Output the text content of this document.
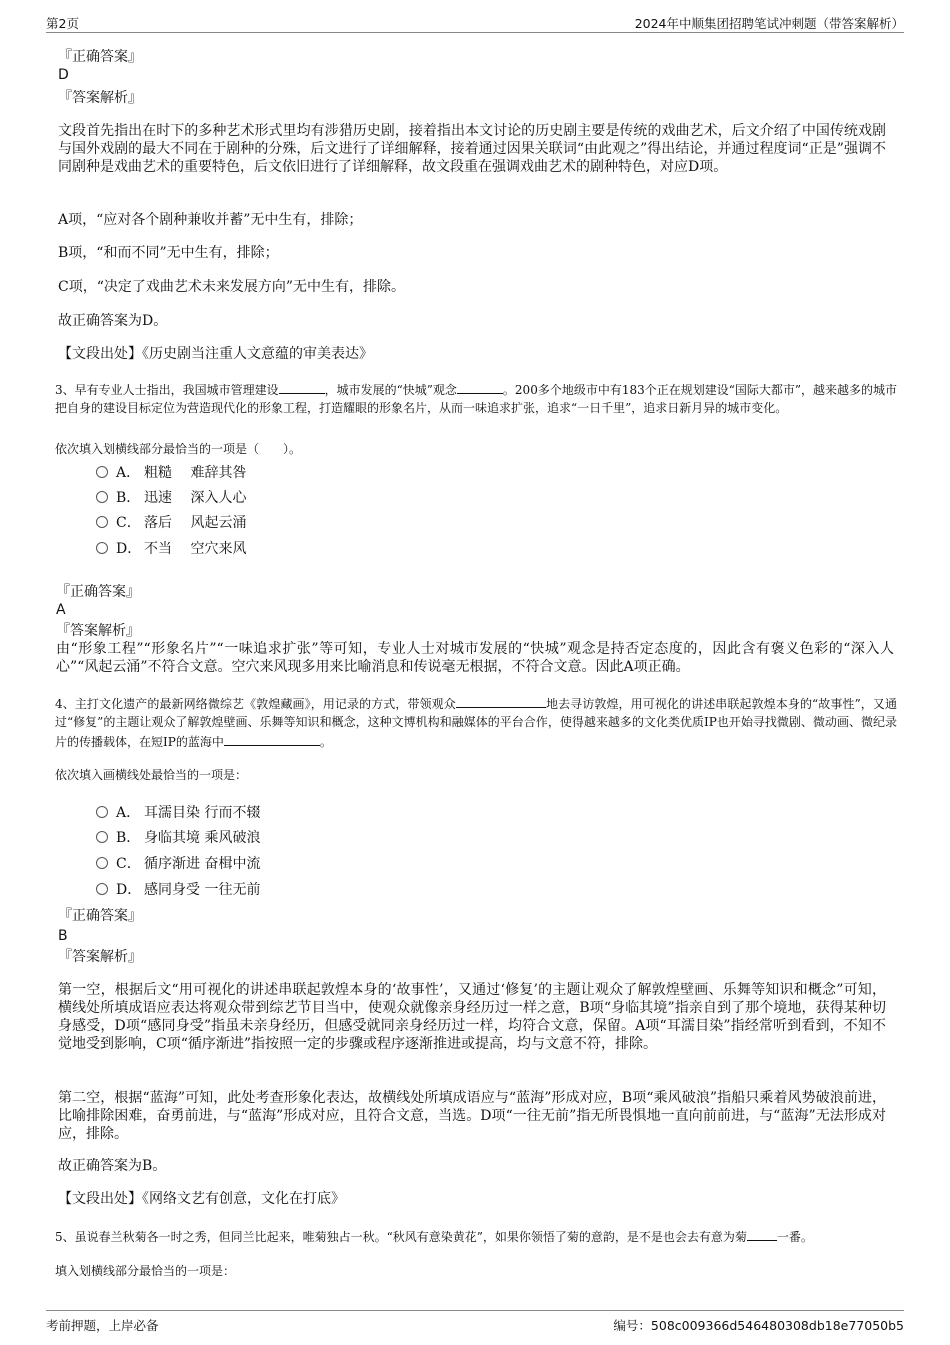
第2页	2024年中顺集团招聘笔试冲刺题（带答案解析）
『正确答案』
D
『答案解析』
文段首先指出在时下的多种艺术形式里均有涉猎历史剧，接着指出本文讨论的历史剧主要是传统的戏曲艺术，后文介绍了中国传统戏剧与国外戏剧的最大不同在于剧种的分殊，后文进行了详细解释，接着通过因果关联词“由此观之”得出结论，并通过程度词“正是”强调不同剧种是戏曲艺术的重要特色，后文依旧进行了详细解释，故文段重在强调戏曲艺术的剧种特色，对应D项。
A项，“应对各个剧种兼收并蓄”无中生有，排除；
B项，“和而不同”无中生有，排除；
C项，“决定了戏曲艺术未来发展方向”无中生有，排除。
故正确答案为D。
【文段出处】《历史剧当注重人文意蕴的审美表达》
3、早有专业人士指出，我国城市管理建设	，城市发展的“快城”观念	。200多个地级市中有183个正在规划建设“国际大都市”，越来越多的城市把自身的建设目标定位为营造现代化的形象工程，打造耀眼的形象名片，从而一味追求扩张，追求“一日千里”，追求日新月异的城市变化。
依次填入划横线部分最恰当的一项是（　　）。
A． 粗糙　 难辞其咎
B． 迅速　 深入人心
C． 落后　 风起云涌
D． 不当　 空穴来风
『正确答案』
A
『答案解析』
由“形象工程”“形象名片”“一味追求扩张”等可知，专业人士对城市发展的“快城”观念是持否定态度的，因此含有褒义色彩的“深入人心”“风起云涌”不符合文意。空穴来风现多用来比喻消息和传说毫无根据，不符合文意。因此A项正确。
4、主打文化遗产的最新网络微综艺《敦煌藏画》，用记录的方式，带领观众	地去寻访敦煌，用可视化的讲述串联起敦煌本身的“故事性”，又通过“修复”的主题让观众了解敦煌壁画、乐舞等知识和概念，这种文博机构和融媒体的平台合作，使得越来越多的文化类优质IP也开始寻找微剧、微动画、微纪录片的传播载体，在短IP的蓝海中	。
依次填入画横线处最恰当的一项是：
A． 耳濡目染 行而不辍
B． 身临其境 乘风破浪
C． 循序渐进 奋楫中流
D． 感同身受 一往无前
『正确答案』
B
『答案解析』
第一空，根据后文“用可视化的讲述串联起敦煌本身的‘故事性’，又通过‘修复’的主题让观众了解敦煌壁画、乐舞等知识和概念”可知，横线处所填成语应表达将观众带到综艺节目当中，使观众就像亲身经历过一样之意，B项“身临其境”指亲自到了那个境地，获得某种切身感受，D项“感同身受”指虽未亲身经历，但感受就同亲身经历过一样，均符合文意，保留。A项“耳濡目染”指经常听到看到，不知不觉地受到影响，C项“循序渐进”指按照一定的步骤或程序逐渐推进或提高，均与文意不符，排除。
第二空，根据“蓝海”可知，此处考查形象化表达，故横线处所填成语应与“蓝海”形成对应，B项“乘风破浪”指船只乘着风势破浪前进，比喻排除困难，奋勇前进，与“蓝海”形成对应，且符合文意，当选。D项“一往无前”指无所畏惧地一直向前前进，与“蓝海”无法形成对应，排除。
故正确答案为B。
【文段出处】《网络文艺有创意，文化在打底》
5、虽说春兰秋菊各一时之秀，但同兰比起来，唯菊独占一秋。“秋风有意染黄花”，如果你领悟了菊的意韵，是不是也会去有意为菊	一番。
填入划横线部分最恰当的一项是：
考前押题，上岸必备	编号：508c009366d546480308db18e77050b5
